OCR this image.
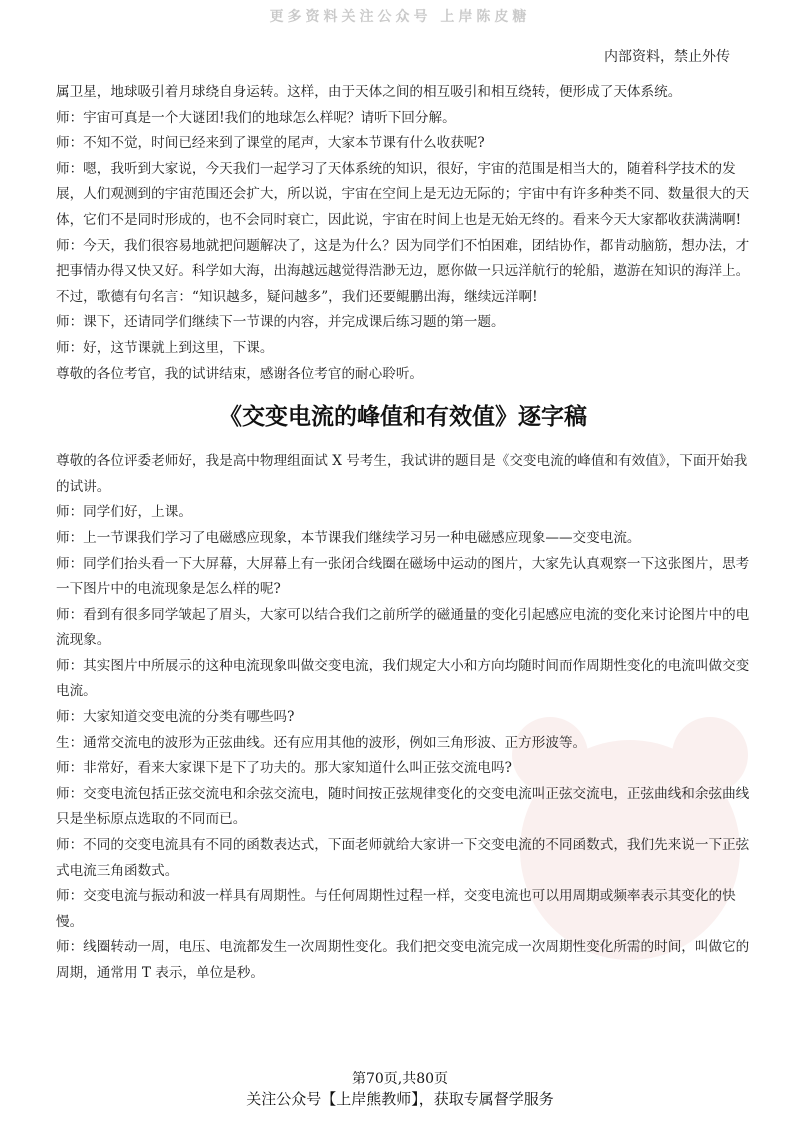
更多资料关注公众号 上岸陈皮糖
内部资料，禁止外传

属卫星，地球吸引着月球绕自身运转。这样，由于天体之间的相互吸引和相互绕转，便形成了天体系统。

师：宇宙可真是一个大谜团!我们的地球怎么样呢？请听下回分解。

师：不知不觉，时间已经来到了课堂的尾声，大家本节课有什么收获呢?

师：嗯，我听到大家说，今天我们一起学习了天体系统的知识，很好，宇宙的范围是相当大的，随着科学技术的发展，人们观测到的宇宙范围还会扩大，所以说，宇宙在空间上是无边无际的；宇宙中有许多种类不同、数量很大的天体，它们不是同时形成的，也不会同时衰亡，因此说，宇宙在时间上也是无始无终的。看来今天大家都收获满满啊!

师：今天，我们很容易地就把问题解决了，这是为什么？因为同学们不怕困难，团结协作，都肯动脑筋，想办法，才把事情办得又快又好。科学如大海，出海越远越觉得浩渺无边，愿你做一只远洋航行的轮船，遨游在知识的海洋上。不过，歌德有句名言：“知识越多，疑问越多”，我们还要鲲鹏出海，继续远洋啊!

师：课下，还请同学们继续下一节课的内容，并完成课后练习题的第一题。

师：好，这节课就上到这里，下课。

尊敬的各位考官，我的试讲结束，感谢各位考官的耐心聆听。

《交变电流的峰值和有效值》逐字稿

尊敬的各位评委老师好，我是高中物理组面试 X 号考生，我试讲的题目是《交变电流的峰值和有效值》，下面开始我的试讲。

师：同学们好，上课。

师：上一节课我们学习了电磁感应现象，本节课我们继续学习另一种电磁感应现象——交变电流。

师：同学们抬头看一下大屏幕，大屏幕上有一张闭合线圈在磁场中运动的图片，大家先认真观察一下这张图片，思考一下图片中的电流现象是怎么样的呢?

师：看到有很多同学皱起了眉头，大家可以结合我们之前所学的磁通量的变化引起感应电流的变化来讨论图片中的电流现象。

师：其实图片中所展示的这种电流现象叫做交变电流，我们规定大小和方向均随时间而作周期性变化的电流叫做交变电流。

师：大家知道交变电流的分类有哪些吗?

生：通常交流电的波形为正弦曲线。还有应用其他的波形，例如三角形波、正方形波等。

师：非常好，看来大家课下是下了功夫的。那大家知道什么叫正弦交流电吗?

师：交变电流包括正弦交流电和余弦交流电，随时间按正弦规律变化的交变电流叫正弦交流电，正弦曲线和余弦曲线只是坐标原点选取的不同而已。

师：不同的交变电流具有不同的函数表达式，下面老师就给大家讲一下交变电流的不同函数式，我们先来说一下正弦式电流三角函数式。

师：交变电流与振动和波一样具有周期性。与任何周期性过程一样，交变电流也可以用周期或频率表示其变化的快慢。

师：线圈转动一周，电压、电流都发生一次周期性变化。我们把交变电流完成一次周期性变化所需的时间，叫做它的周期，通常用 T 表示，单位是秒。

第70页,共80页
关注公众号【上岸熊教师】，获取专属督学服务
